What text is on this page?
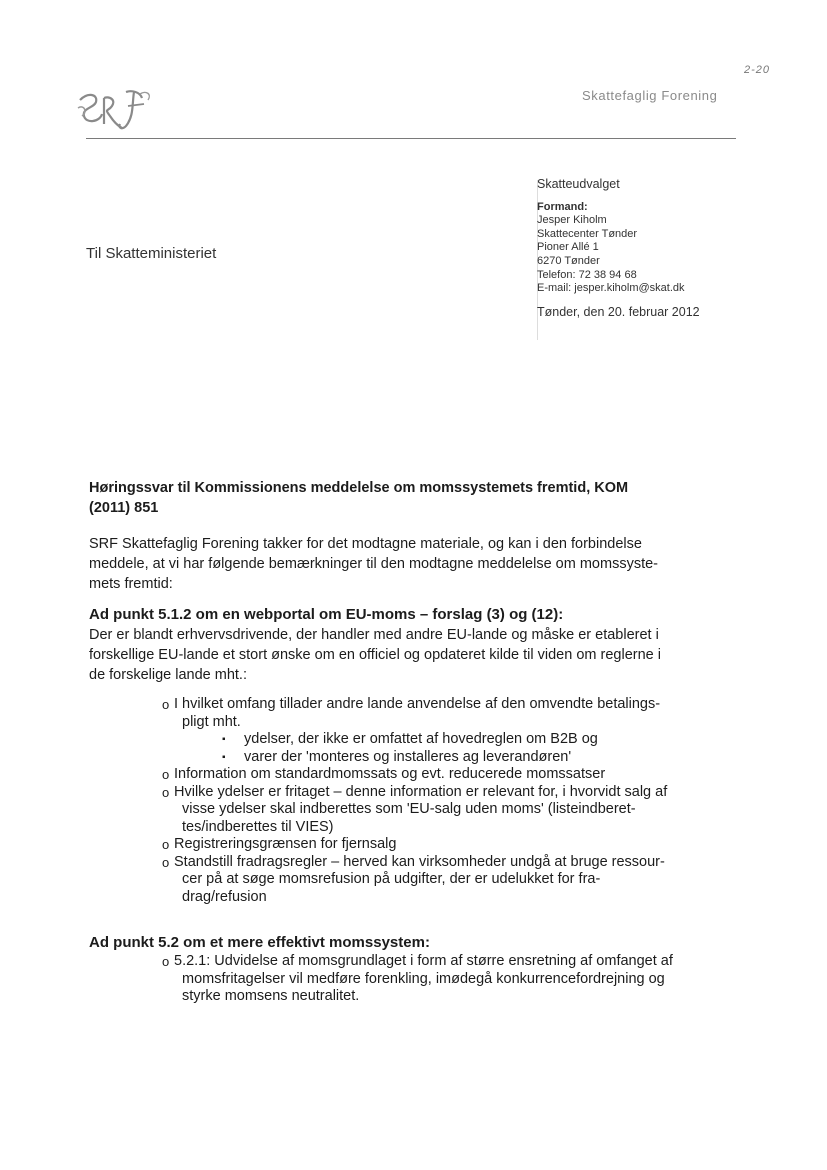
2-20
Skattefaglig Forening
Skatteudvalget
Formand:
Jesper Kiholm
Skattecenter Tønder
Pioner Allé 1
6270 Tønder
Telefon: 72 38 94 68
E-mail: jesper.kiholm@skat.dk
Tønder, den 20. februar 2012
Til Skatteministeriet
Høringssvar til Kommissionens meddelelse om momssystemets fremtid, KOM
(2011) 851
SRF Skattefaglig Forening takker for det modtagne materiale, og kan i den forbindelse
meddele, at vi har følgende bemærkninger til den modtagne meddelelse om momssyste-
mets fremtid:
Ad punkt 5.1.2 om en webportal om EU-moms – forslag (3) og (12):
Der er blandt erhvervsdrivende, der handler med andre EU-lande og måske er etableret i
forskellige EU-lande et stort ønske om en officiel og opdateret kilde til viden om reglerne i
de forskelige lande mht.:
o I hvilket omfang tillader andre lande anvendelse af den omvendte betalings-
pligt mht.
▪ ydelser, der ikke er omfattet af hovedreglen om B2B og
▪ varer der 'monteres og installeres ag leverandøren'
o Information om standardmomssats og evt. reducerede momssatser
o Hvilke ydelser er fritaget – denne information er relevant for, i hvorvidt salg af
visse ydelser skal indberettes som 'EU-salg uden moms' (listeindberet-
tes/indberettes til VIES)
o Registreringsgrænsen for fjernsalg
o Standstill fradragsregler – herved kan virksomheder undgå at bruge ressour-
cer på at søge momsrefusion på udgifter, der er udelukket for fra-
drag/refusion
Ad punkt 5.2 om et mere effektivt momssystem:
o 5.2.1: Udvidelse af momsgrundlaget i form af større ensretning af omfanget af
momsfritagelser vil medføre forenkling, imødegå konkurrencefordrejning og
styrke momsens neutralitet.
